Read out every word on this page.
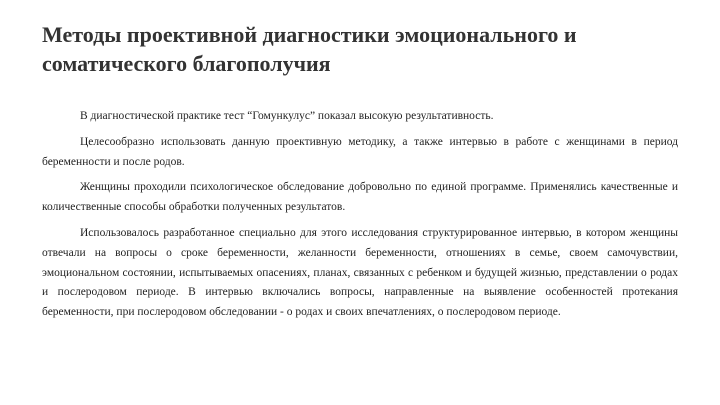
Методы проективной диагностики эмоционального и
соматического благополучия

В диагностической практике тест “Гомункулус” показал высокую результативность.

Целесообразно использовать данную проективную методику, а также интервью в работе с женщинами в период беременности и после родов.

Женщины проходили психологическое обследование добровольно по единой программе. Применялись качественные и количественные способы обработки полученных результатов.

Использовалось разработанное специально для этого исследования структурированное интервью, в котором женщины отвечали на вопросы о сроке беременности, желанности беременности, отношениях в семье, своем самочувствии, эмоциональном состоянии, испытываемых опасениях, планах, связанных с ребенком и будущей жизнью, представлении о родах и послеродовом периоде. В интервью включались вопросы, направленные на выявление особенностей протекания беременности, при послеродовом обследовании - о родах и своих впечатлениях, о послеродовом периоде.
